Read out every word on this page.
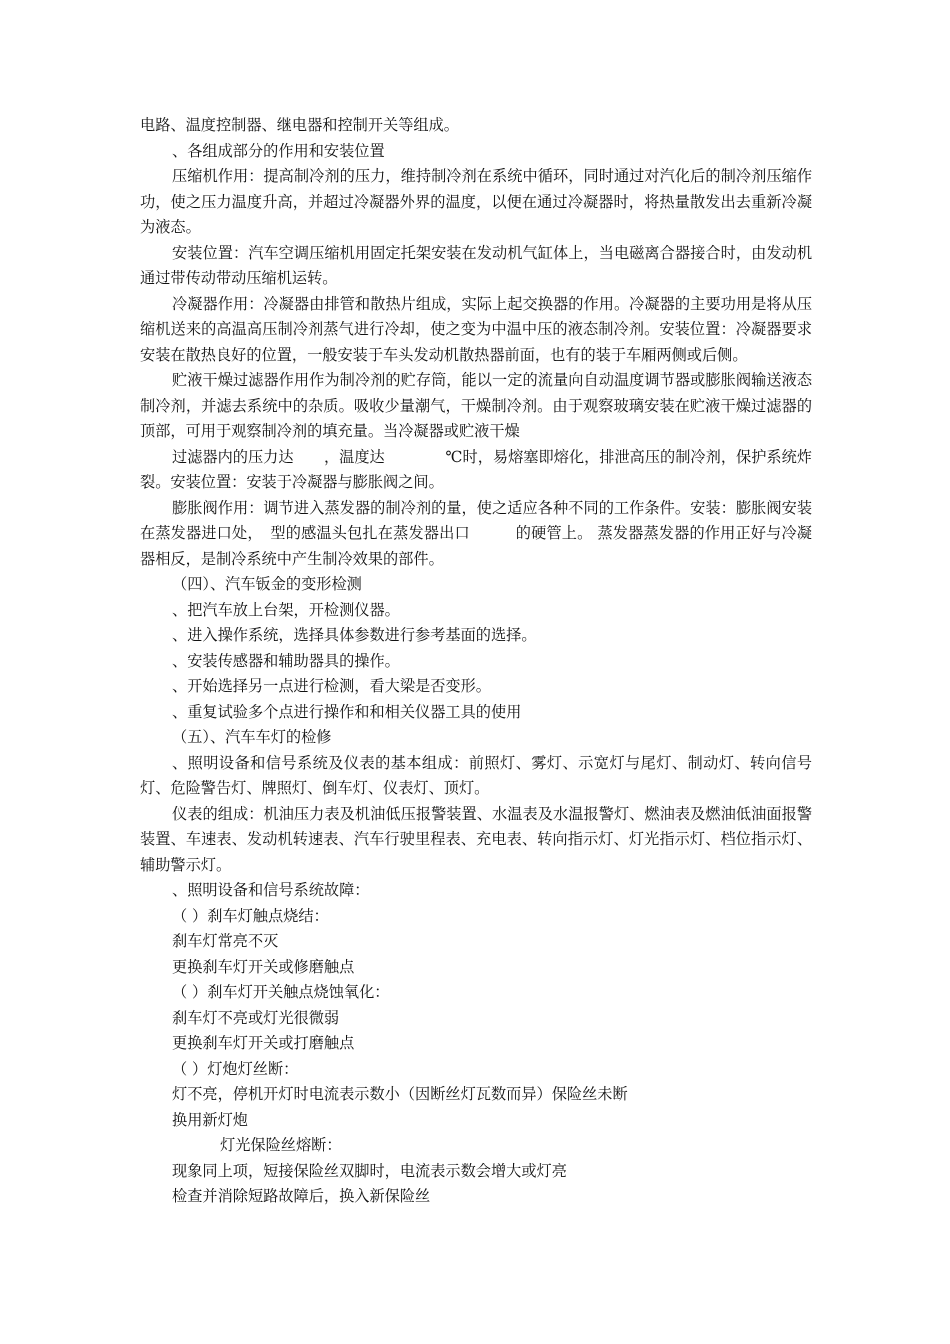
电路、温度控制器、继电器和控制开关等组成。

、各组成部分的作用和安装位置

压缩机作用：提高制冷剂的压力，维持制冷剂在系统中循环，同时通过对汽化后的制冷剂压缩作功，使之压力温度升高，并超过冷凝器外界的温度，以便在通过冷凝器时，将热量散发出去重新冷凝为液态。

安装位置：汽车空调压缩机用固定托架安装在发动机气缸体上，当电磁离合器接合时，由发动机通过带传动带动压缩机运转。

冷凝器作用：冷凝器由排管和散热片组成，实际上起交换器的作用。冷凝器的主要功用是将从压缩机送来的高温高压制冷剂蒸气进行冷却，使之变为中温中压的液态制冷剂。安装位置：冷凝器要求安装在散热良好的位置，一般安装于车头发动机散热器前面，也有的装于车厢两侧或后侧。

贮液干燥过滤器作用作为制冷剂的贮存筒，能以一定的流量向自动温度调节器或膨胀阀输送液态制冷剂，并滤去系统中的杂质。吸收少量潮气，干燥制冷剂。由于观察玻璃安装在贮液干燥过滤器的顶部，可用于观察制冷剂的填充量。当冷凝器或贮液干燥

过滤器内的压力达　　，温度达　　　　℃时，易熔塞即熔化，排泄高压的制冷剂，保护系统炸裂。安装位置：安装于冷凝器与膨胀阀之间。

膨胀阀作用：调节进入蒸发器的制冷剂的量，使之适应各种不同的工作条件。安装：膨胀阀安装在蒸发器进口处，　型的感温头包扎在蒸发器出口　　　的硬管上。 蒸发器蒸发器的作用正好与冷凝器相反，是制冷系统中产生制冷效果的部件。

（四）、汽车钣金的变形检测

、把汽车放上台架，开检测仪器。

、进入操作系统，选择具体参数进行参考基面的选择。

、安装传感器和辅助器具的操作。

、开始选择另一点进行检测，看大梁是否变形。

、重复试验多个点进行操作和和相关仪器工具的使用

（五）、汽车车灯的检修

、照明设备和信号系统及仪表的基本组成：前照灯、雾灯、示宽灯与尾灯、制动灯、转向信号灯、危险警告灯、牌照灯、倒车灯、仪表灯、顶灯。

仪表的组成：机油压力表及机油低压报警装置、水温表及水温报警灯、燃油表及燃油低油面报警装置、车速表、发动机转速表、汽车行驶里程表、充电表、转向指示灯、灯光指示灯、档位指示灯、辅助警示灯。

、照明设备和信号系统故障：

（ ）刹车灯触点烧结：

刹车灯常亮不灭

更换刹车灯开关或修磨触点

（ ）刹车灯开关触点烧蚀氧化：

刹车灯不亮或灯光很微弱

更换刹车灯开关或打磨触点

（ ）灯炮灯丝断：

灯不亮，停机开灯时电流表示数小（因断丝灯瓦数而异）保险丝未断

换用新灯炮

灯光保险丝熔断：

现象同上项，短接保险丝双脚时，电流表示数会增大或灯亮

检查并消除短路故障后，换入新保险丝
